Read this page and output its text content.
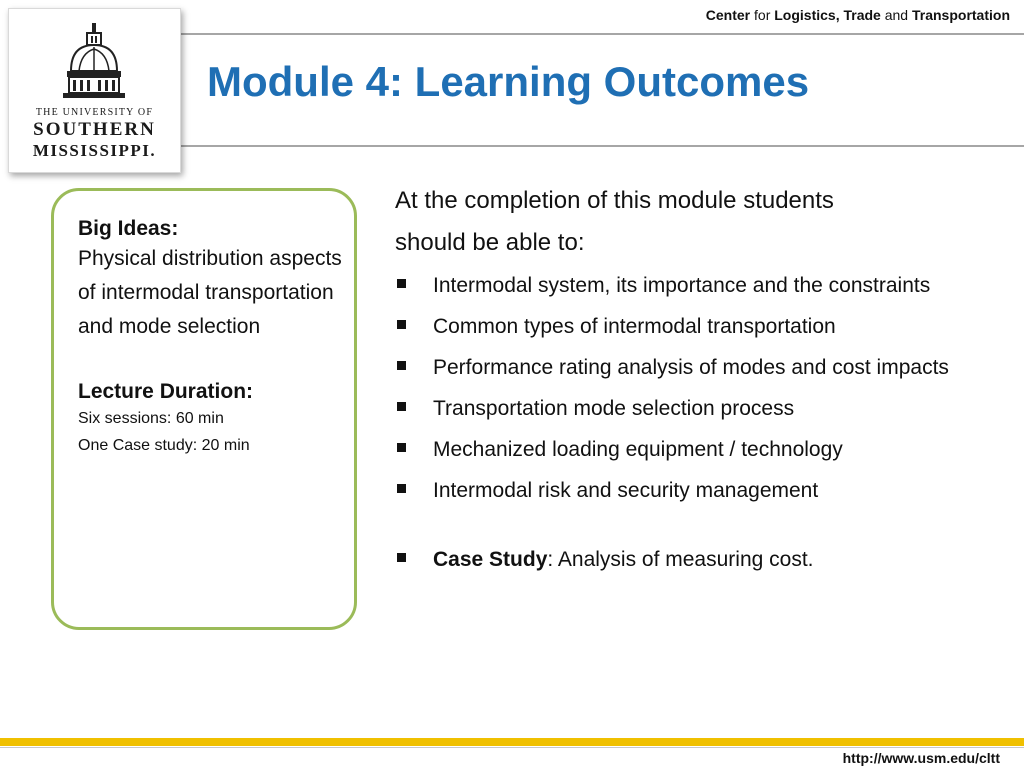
Center for Logistics, Trade and Transportation
THE UNIVERSITY OF
SOUTHERN
MISSISSIPPI.
Module 4: Learning Outcomes
Big Ideas:
Physical distribution aspects of intermodal transportation and mode selection
Lecture Duration:
Six sessions: 60 min
One Case study: 20 min

At the completion of this module students should be able to:

Intermodal system, its importance and the constraints
Common types of intermodal transportation
Performance rating analysis of modes and cost impacts
Transportation mode selection process
Mechanized loading equipment / technology
Intermodal risk and security management
Case Study: Analysis of measuring cost.
http://www.usm.edu/cltt
